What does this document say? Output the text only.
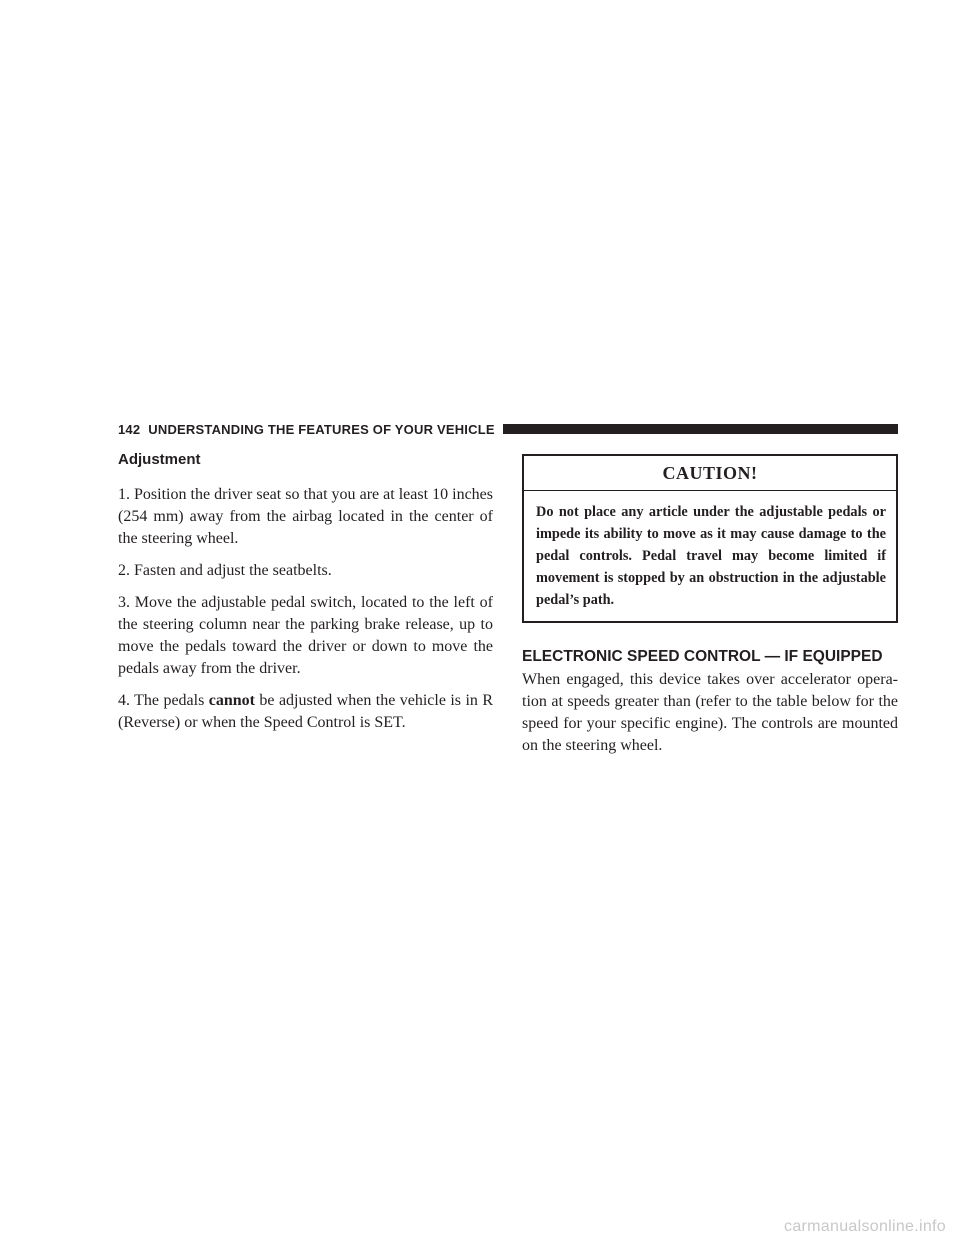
142 UNDERSTANDING THE FEATURES OF YOUR VEHICLE
Adjustment

1. Position the driver seat so that you are at least 10 inches (254 mm) away from the airbag located in the center of the steering wheel.

2. Fasten and adjust the seatbelts.

3. Move the adjustable pedal switch, located to the left of the steering column near the parking brake release, up to move the pedals toward the driver or down to move the pedals away from the driver.

4. The pedals cannot be adjusted when the vehicle is in R (Reverse) or when the Speed Control is SET.

CAUTION!
Do not place any article under the adjustable pedals or impede its ability to move as it may cause damage to the pedal controls. Pedal travel may become limited if movement is stopped by an obstruction in the adjustable pedal’s path.
ELECTRONIC SPEED CONTROL — IF EQUIPPED

When engaged, this device takes over accelerator opera- tion at speeds greater than (refer to the table below for the speed for your specific engine). The controls are mounted on the steering wheel.

carmanualsonline.info
